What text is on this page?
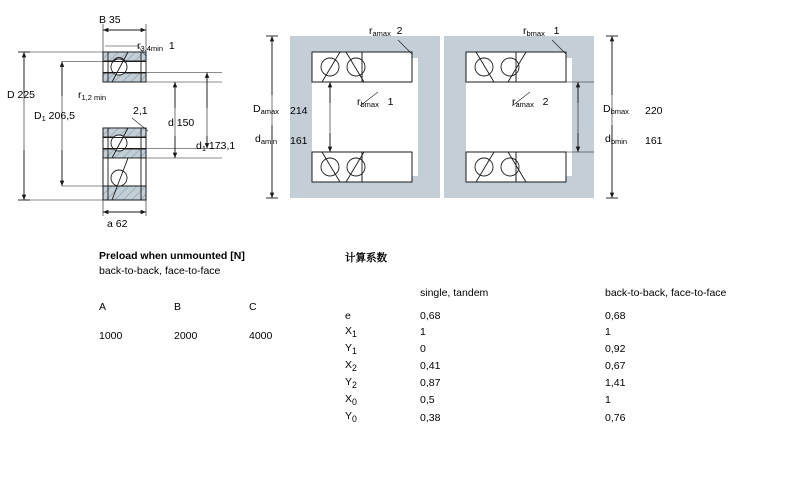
B 35
$r_{3,4min}$  1
D 225
$D_1$ 206,5
$r_{1,2 min}$
2,1
d 150
$d_1$ 173,1
a 62
$r_{amax}$  2
$D_{amax}$ 214
$r_{bmax}$   1
$d_{amin}$ 161
$r_{bmax}$   1
$r_{amax}$   2
$D_{bmax}$ 220
$d_{bmin}$ 161
Preload when unmounted [N]
back-to-back, face-to-face
A	B	C

1000	2000	4000
计算系数
	single, tandem	back-to-back, face-to-face

e	0,68	0,68
$X_1$	1	1
$Y_1$	0	0,92
$X_2$	0,41	0,67
$Y_2$	0,87	1,41
$X_0$	0,5	1
$Y_0$	0,38	0,76
